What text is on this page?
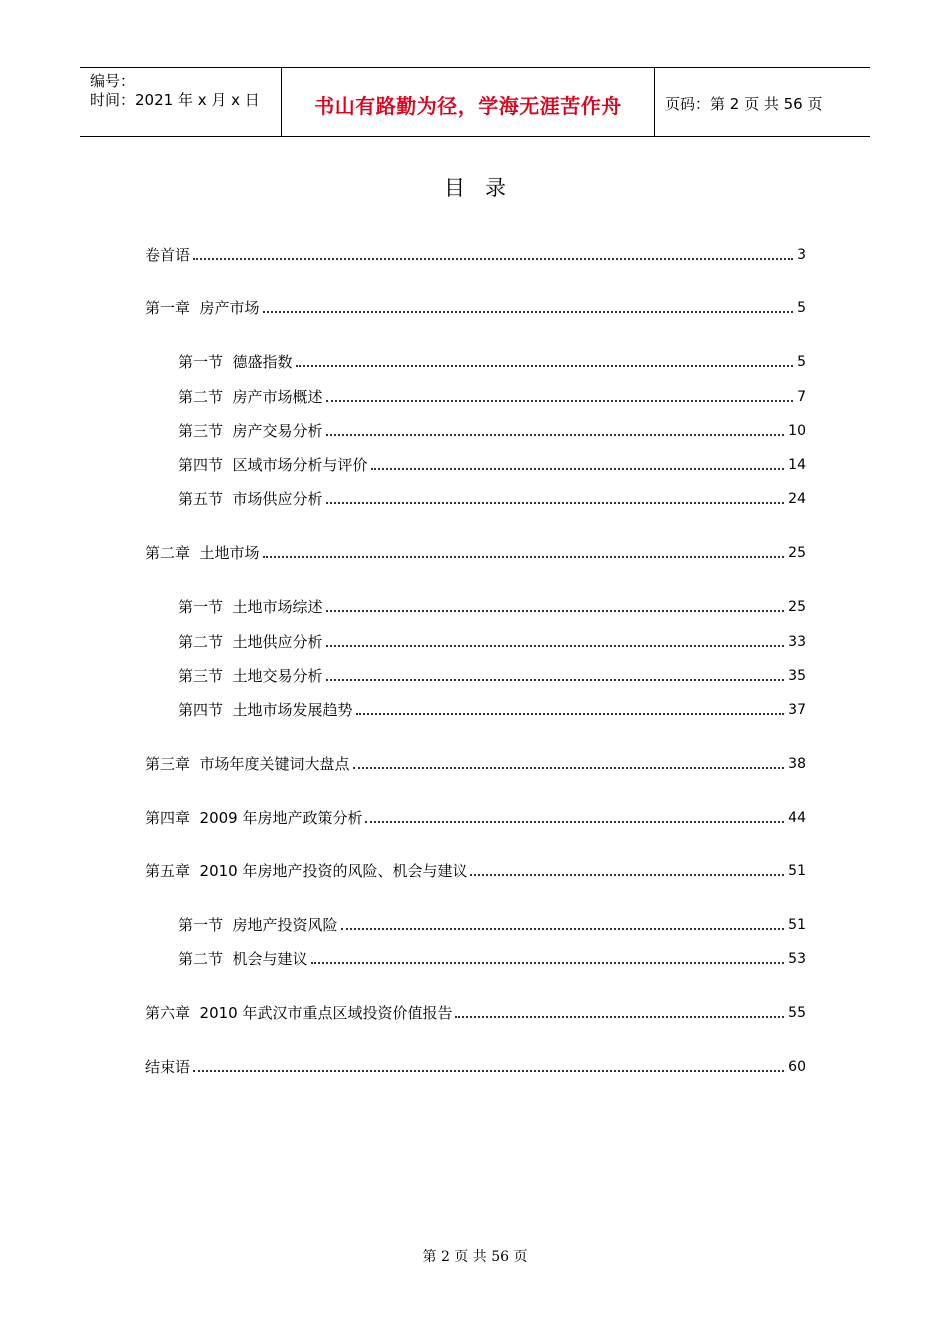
编号：
时间：2021 年 x 月 x 日	书山有路勤为径，学海无涯苦作舟	页码：第 2 页 共 56 页
目录
卷首语	3
第一章  房产市场	5
第一节  德盛指数	5
第二节  房产市场概述	7
第三节  房产交易分析	10
第四节  区域市场分析与评价	14
第五节  市场供应分析	24
第二章  土地市场	25
第一节  土地市场综述	25
第二节  土地供应分析	33
第三节  土地交易分析	35
第四节  土地市场发展趋势	37
第三章  市场年度关键词大盘点	38
第四章  2009 年房地产政策分析	44
第五章  2010 年房地产投资的风险、机会与建议	51
第一节  房地产投资风险	51
第二节  机会与建议	53
第六章  2010 年武汉市重点区域投资价值报告	55
结束语	60
第 2 页 共 56 页
